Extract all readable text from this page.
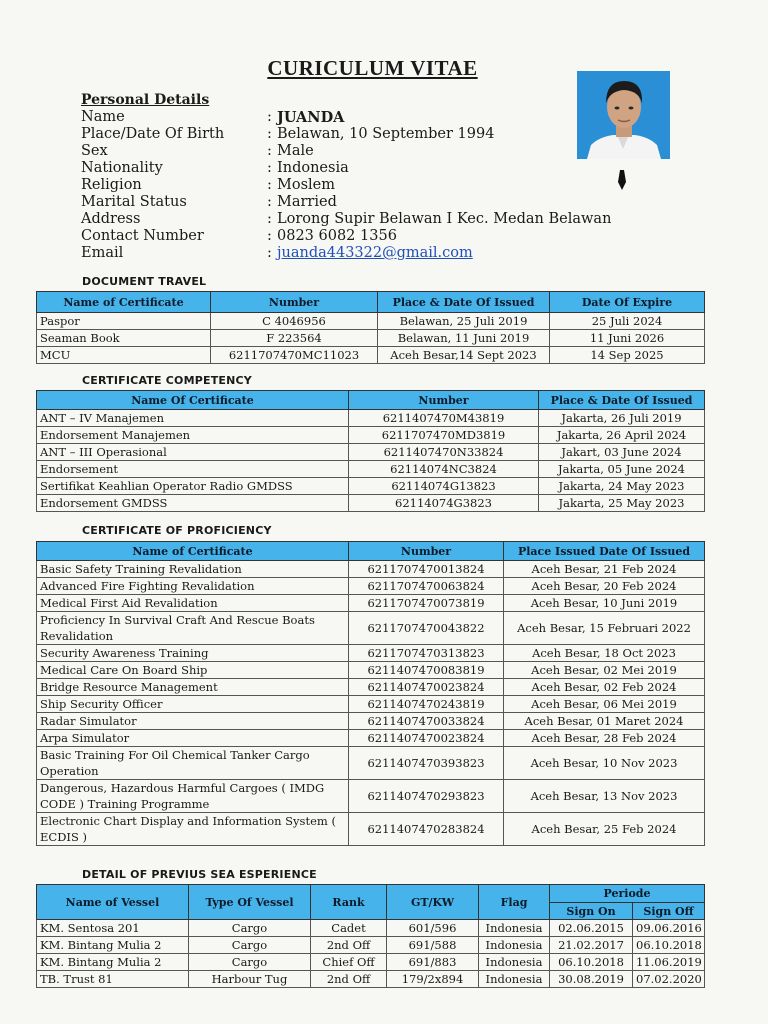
CURICULUM VITAE
Personal Details
Name	: JUANDA
Place/Date Of Birth	: Belawan, 10 September 1994
Sex	: Male
Nationality	: Indonesia
Religion	: Moslem
Marital Status	: Married
Address	: Lorong Supir Belawan I Kec. Medan Belawan
Contact Number	: 0823 6082 1356
Email	: juanda443322@gmail.com
DOCUMENT TRAVEL
Name of Certificate	Number	Place & Date Of Issued	Date Of Expire
Paspor	C 4046956	Belawan, 25 Juli 2019	25 Juli 2024
Seaman Book	F 223564	Belawan, 11 Juni 2019	11 Juni 2026
MCU	6211707470MC11023	Aceh Besar,14 Sept 2023	14 Sep 2025
CERTIFICATE COMPETENCY
Name Of Certificate	Number	Place & Date Of Issued
ANT – IV Manajemen	6211407470M43819	Jakarta, 26 Juli 2019
Endorsement Manajemen	6211707470MD3819	Jakarta, 26 April 2024
ANT – III Operasional	6211407470N33824	Jakart, 03 June 2024
Endorsement	62114074NC3824	Jakarta, 05 June 2024
Sertifikat Keahlian Operator Radio GMDSS	62114074G13823	Jakarta, 24 May 2023
Endorsement GMDSS	62114074G3823	Jakarta, 25 May 2023
CERTIFICATE OF PROFICIENCY
Name of Certificate	Number	Place Issued Date Of Issued
Basic Safety Training Revalidation	6211707470013824	Aceh Besar, 21 Feb 2024
Advanced Fire Fighting Revalidation	6211707470063824	Aceh Besar, 20 Feb 2024
Medical First Aid Revalidation	6211707470073819	Aceh Besar, 10 Juni 2019
Proficiency In Survival Craft And Rescue Boats Revalidation	6211707470043822	Aceh Besar, 15 Februari 2022
Security Awareness Training	6211707470313823	Aceh Besar, 18 Oct 2023
Medical Care On Board Ship	6211407470083819	Aceh Besar, 02 Mei 2019
Bridge Resource Management	6211407470023824	Aceh Besar, 02 Feb 2024
Ship Security Officer	6211407470243819	Aceh Besar, 06 Mei 2019
Radar Simulator	6211407470033824	Aceh Besar, 01 Maret 2024
Arpa Simulator	6211407470023824	Aceh Besar, 28 Feb 2024
Basic Training For Oil Chemical Tanker Cargo Operation	6211407470393823	Aceh Besar, 10 Nov 2023
Dangerous, Hazardous Harmful Cargoes ( IMDG CODE ) Training Programme	6211407470293823	Aceh Besar, 13 Nov 2023
Electronic Chart Display and Information System ( ECDIS )	6211407470283824	Aceh Besar, 25 Feb 2024
DETAIL OF PREVIUS SEA ESPERIENCE
Name of Vessel	Type Of Vessel	Rank	GT/KW	Flag	Periode	
					Sign On	Sign Off
KM. Sentosa 201	Cargo	Cadet	601/596	Indonesia	02.06.2015	09.06.2016
KM. Bintang Mulia 2	Cargo	2nd Off	691/588	Indonesia	21.02.2017	06.10.2018
KM. Bintang Mulia 2	Cargo	Chief Off	691/883	Indonesia	06.10.2018	11.06.2019
TB. Trust 81	Harbour Tug	2nd Off	179/2x894	Indonesia	30.08.2019	07.02.2020
